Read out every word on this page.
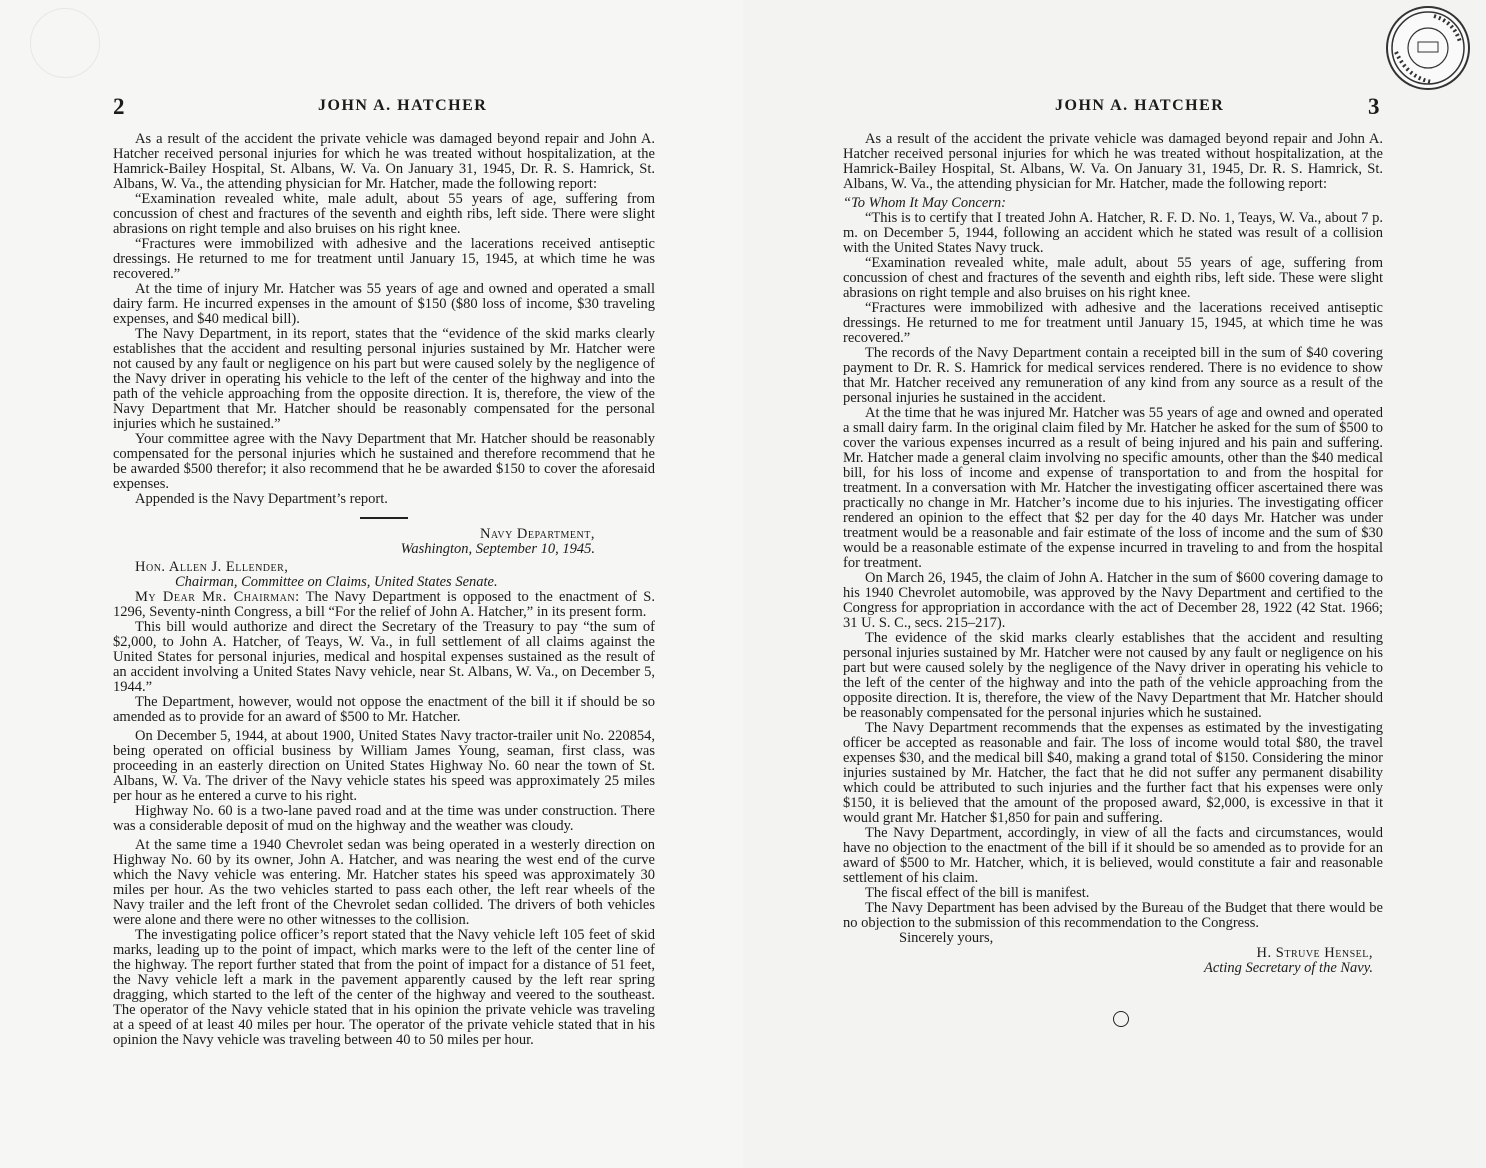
2	JOHN A. HATCHER

As a result of the accident the private vehicle was damaged beyond repair and John A. Hatcher received personal injuries for which he was treated without hospitalization, at the Hamrick-Bailey Hospital, St. Albans, W. Va. On January 31, 1945, Dr. R. S. Hamrick, St. Albans, W. Va., the attending physician for Mr. Hatcher, made the following report:

“Examination revealed white, male adult, about 55 years of age, suffering from concussion of chest and fractures of the seventh and eighth ribs, left side. There were slight abrasions on right temple and also bruises on his right knee.

“Fractures were immobilized with adhesive and the lacerations received antiseptic dressings. He returned to me for treatment until January 15, 1945, at which time he was recovered.”

At the time of injury Mr. Hatcher was 55 years of age and owned and operated a small dairy farm. He incurred expenses in the amount of $150 ($80 loss of income, $30 traveling expenses, and $40 medical bill).

The Navy Department, in its report, states that the “evidence of the skid marks clearly establishes that the accident and resulting personal injuries sustained by Mr. Hatcher were not caused by any fault or negligence on his part but were caused solely by the negligence of the Navy driver in operating his vehicle to the left of the center of the highway and into the path of the vehicle approaching from the opposite direction. It is, therefore, the view of the Navy Department that Mr. Hatcher should be reasonably compensated for the personal injuries which he sustained.”

Your committee agree with the Navy Department that Mr. Hatcher should be reasonably compensated for the personal injuries which he sustained and therefore recommend that he be awarded $500 therefor; it also recommend that he be awarded $150 to cover the aforesaid expenses.

Appended is the Navy Department’s report.

Navy Department,
Washington, September 10, 1945.

Hon. Allen J. Ellender,

Chairman, Committee on Claims, United States Senate.

My Dear Mr. Chairman: The Navy Department is opposed to the enactment of S. 1296, Seventy-ninth Congress, a bill “For the relief of John A. Hatcher,” in its present form.

This bill would authorize and direct the Secretary of the Treasury to pay “the sum of $2,000, to John A. Hatcher, of Teays, W. Va., in full settlement of all claims against the United States for personal injuries, medical and hospital expenses sustained as the result of an accident involving a United States Navy vehicle, near St. Albans, W. Va., on December 5, 1944.”

The Department, however, would not oppose the enactment of the bill it if should be so amended as to provide for an award of $500 to Mr. Hatcher.

On December 5, 1944, at about 1900, United States Navy tractor-trailer unit No. 220854, being operated on official business by William James Young, seaman, first class, was proceeding in an easterly direction on United States Highway No. 60 near the town of St. Albans, W. Va. The driver of the Navy vehicle states his speed was approximately 25 miles per hour as he entered a curve to his right.

Highway No. 60 is a two-lane paved road and at the time was under construction. There was a considerable deposit of mud on the highway and the weather was cloudy.

At the same time a 1940 Chevrolet sedan was being operated in a westerly direction on Highway No. 60 by its owner, John A. Hatcher, and was nearing the west end of the curve which the Navy vehicle was entering. Mr. Hatcher states his speed was approximately 30 miles per hour. As the two vehicles started to pass each other, the left rear wheels of the Navy trailer and the left front of the Chevrolet sedan collided. The drivers of both vehicles were alone and there were no other witnesses to the collision.

The investigating police officer’s report stated that the Navy vehicle left 105 feet of skid marks, leading up to the point of impact, which marks were to the left of the center line of the highway. The report further stated that from the point of impact for a distance of 51 feet, the Navy vehicle left a mark in the pavement apparently caused by the left rear spring dragging, which started to the left of the center of the highway and veered to the southeast. The operator of the Navy vehicle stated that in his opinion the private vehicle was traveling at a speed of at least 40 miles per hour. The operator of the private vehicle stated that in his opinion the Navy vehicle was traveling between 40 to 50 miles per hour.

JOHN A. HATCHER	3

As a result of the accident the private vehicle was damaged beyond repair and John A. Hatcher received personal injuries for which he was treated without hospitalization, at the Hamrick-Bailey Hospital, St. Albans, W. Va. On January 31, 1945, Dr. R. S. Hamrick, St. Albans, W. Va., the attending physician for Mr. Hatcher, made the following report:

“To Whom It May Concern:

“This is to certify that I treated John A. Hatcher, R. F. D. No. 1, Teays, W. Va., about 7 p. m. on December 5, 1944, following an accident which he stated was result of a collision with the United States Navy truck.

“Examination revealed white, male adult, about 55 years of age, suffering from concussion of chest and fractures of the seventh and eighth ribs, left side. These were slight abrasions on right temple and also bruises on his right knee.

“Fractures were immobilized with adhesive and the lacerations received antiseptic dressings. He returned to me for treatment until January 15, 1945, at which time he was recovered.”

The records of the Navy Department contain a receipted bill in the sum of $40 covering payment to Dr. R. S. Hamrick for medical services rendered. There is no evidence to show that Mr. Hatcher received any remuneration of any kind from any source as a result of the personal injuries he sustained in the accident.

At the time that he was injured Mr. Hatcher was 55 years of age and owned and operated a small dairy farm. In the original claim filed by Mr. Hatcher he asked for the sum of $500 to cover the various expenses incurred as a result of being injured and his pain and suffering. Mr. Hatcher made a general claim involving no specific amounts, other than the $40 medical bill, for his loss of income and expense of transportation to and from the hospital for treatment. In a conversation with Mr. Hatcher the investigating officer ascertained there was practically no change in Mr. Hatcher’s income due to his injuries. The investigating officer rendered an opinion to the effect that $2 per day for the 40 days Mr. Hatcher was under treatment would be a reasonable and fair estimate of the loss of income and the sum of $30 would be a reasonable estimate of the expense incurred in traveling to and from the hospital for treatment.

On March 26, 1945, the claim of John A. Hatcher in the sum of $600 covering damage to his 1940 Chevrolet automobile, was approved by the Navy Department and certified to the Congress for appropriation in accordance with the act of December 28, 1922 (42 Stat. 1966; 31 U. S. C., secs. 215–217).

The evidence of the skid marks clearly establishes that the accident and resulting personal injuries sustained by Mr. Hatcher were not caused by any fault or negligence on his part but were caused solely by the negligence of the Navy driver in operating his vehicle to the left of the center of the highway and into the path of the vehicle approaching from the opposite direction. It is, therefore, the view of the Navy Department that Mr. Hatcher should be reasonably compensated for the personal injuries which he sustained.

The Navy Department recommends that the expenses as estimated by the investigating officer be accepted as reasonable and fair. The loss of income would total $80, the travel expenses $30, and the medical bill $40, making a grand total of $150. Considering the minor injuries sustained by Mr. Hatcher, the fact that he did not suffer any permanent disability which could be attributed to such injuries and the further fact that his expenses were only $150, it is believed that the amount of the proposed award, $2,000, is excessive in that it would grant Mr. Hatcher $1,850 for pain and suffering.

The Navy Department, accordingly, in view of all the facts and circumstances, would have no objection to the enactment of the bill if it should be so amended as to provide for an award of $500 to Mr. Hatcher, which, it is believed, would constitute a fair and reasonable settlement of his claim.

The fiscal effect of the bill is manifest.

The Navy Department has been advised by the Bureau of the Budget that there would be no objection to the submission of this recommendation to the Congress.

Sincerely yours,

H. Struve Hensel,
Acting Secretary of the Navy.
